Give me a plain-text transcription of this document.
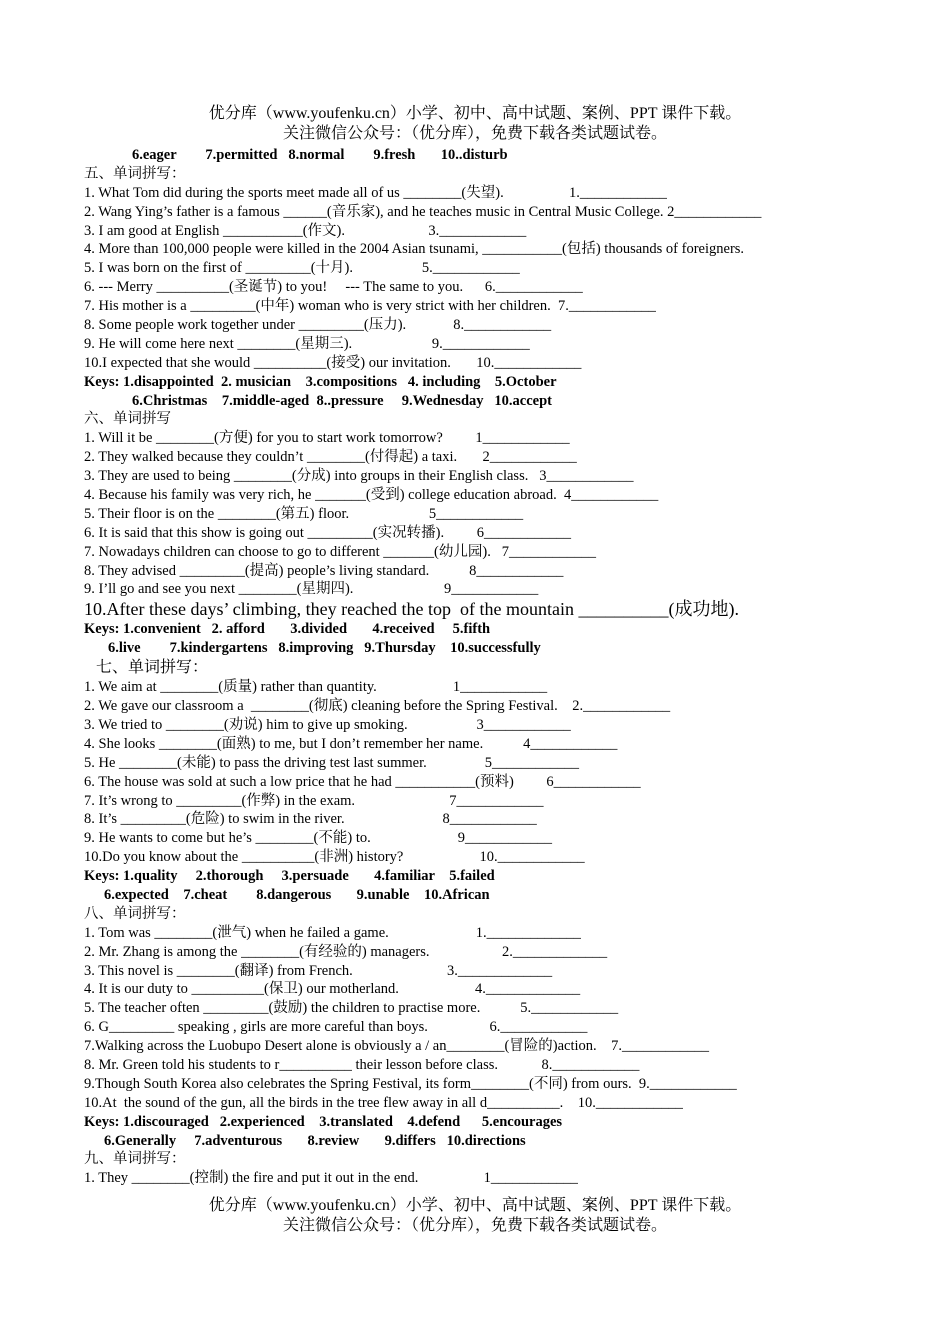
优分库（www.youfenku.cn）小学、初中、高中试题、案例、PPT 课件下载。
关注微信公众号：（优分库），免费下载各类试题试卷。
6.eager        7.permitted   8.normal        9.fresh       10..disturb
五、单词拼写：
1. What Tom did during the sports meet made all of us ________(失望).                  1.____________
2. Wang Ying’s father is a famous ______(音乐家), and he teaches music in Central Music College. 2____________
3. I am good at English ___________(作文).                       3.____________
4. More than 100,000 people were killed in the 2004 Asian tsunami, ___________(包括) thousands of foreigners.
5. I was born on the first of _________(十月).                   5.____________
6. --- Merry __________(圣诞节) to you!     --- The same to you.      6.____________
7. His mother is a _________(中年) woman who is very strict with her children.  7.____________
8. Some people work together under _________(压力).             8.____________
9. He will come here next ________(星期三).                      9.____________
10.I expected that she would __________(接受) our invitation.       10.____________
Keys: 1.disappointed  2. musician    3.compositions   4. including    5.October
6.Christmas    7.middle-aged  8..pressure     9.Wednesday   10.accept
六、单词拼写
1. Will it be ________(方便) for you to start work tomorrow?         1____________
2. They walked because they couldn’t ________(付得起) a taxi.       2____________
3. They are used to being ________(分成) into groups in their English class.   3____________
4. Because his family was very rich, he _______(受到) college education abroad.  4____________
5. Their floor is on the ________(第五) floor.                      5____________
6. It is said that this show is going out _________(实况转播).         6____________
7. Nowadays children can choose to go to different _______(幼儿园).   7____________
8. They advised _________(提高) people’s living standard.           8____________
9. I’ll go and see you next ________(星期四).                         9____________
10.After these days’ climbing, they reached the top  of the mountain __________(成功地).
Keys: 1.convenient   2. afford       3.divided       4.received     5.fifth
6.live        7.kindergartens   8.improving   9.Thursday    10.successfully
七、单词拼写：
1. We aim at ________(质量) rather than quantity.                     1____________
2. We gave our classroom a  ________(彻底) cleaning before the Spring Festival.    2.____________
3. We tried to ________(劝说) him to give up smoking.                   3____________
4. She looks ________(面熟) to me, but I don’t remember her name.           4____________
5. He ________(未能) to pass the driving test last summer.                5____________
6. The house was sold at such a low price that he had ___________(预料)         6____________
7. It’s wrong to _________(作弊) in the exam.                          7____________
8. It’s _________(危险) to swim in the river.                           8____________
9. He wants to come but he’s ________(不能) to.                        9____________
10.Do you know about the __________(非洲) history?                     10.____________
Keys: 1.quality     2.thorough     3.persuade       4.familiar    5.failed
6.expected    7.cheat        8.dangerous       9.unable    10.African
八、单词拼写：
1. Tom was ________(泄气) when he failed a game.                        1._____________
2. Mr. Zhang is among the ________(有经验的) managers.                    2._____________
3. This novel is ________(翻译) from French.                          3._____________
4. It is our duty to __________(保卫) our motherland.                     4._____________
5. The teacher often _________(鼓励) the children to practise more.           5.____________
6. G_________ speaking , girls are more careful than boys.                 6.____________
7.Walking across the Luobupo Desert alone is obviously a / an________(冒险的)action.    7.____________
8. Mr. Green told his students to r__________ their lesson before class.            8.____________
9.Though South Korea also celebrates the Spring Festival, its form________(不同) from ours.  9.____________
10.At  the sound of the gun, all the birds in the tree flew away in all d__________.    10.____________
Keys: 1.discouraged   2.experienced    3.translated    4.defend      5.encourages
6.Generally     7.adventurous       8.review       9.differs   10.directions
九、单词拼写：
1. They ________(控制) the fire and put it out in the end.                  1____________
优分库（www.youfenku.cn）小学、初中、高中试题、案例、PPT 课件下载。
关注微信公众号：（优分库），免费下载各类试题试卷。
